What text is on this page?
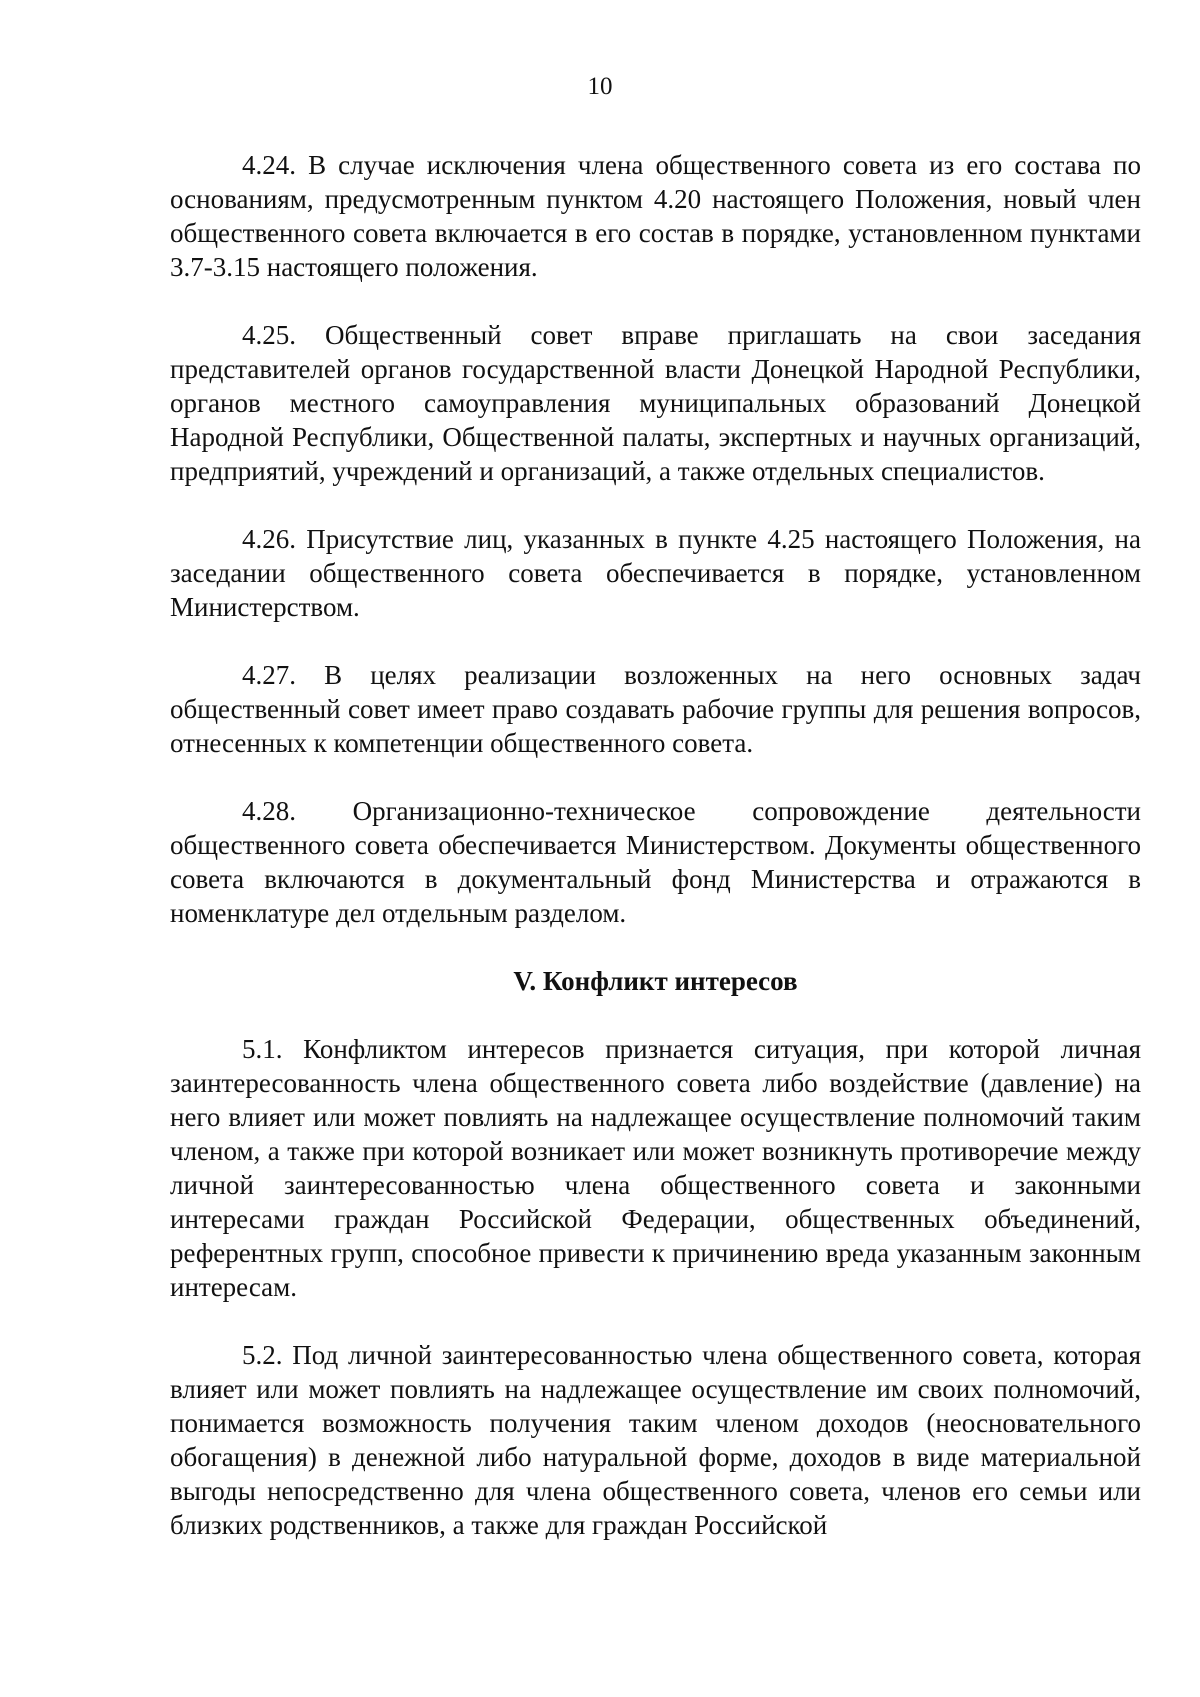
10

4.24. В случае исключения члена общественного совета из его состава по основаниям, предусмотренным пунктом 4.20 настоящего Положения, новый член общественного совета включается в его состав в порядке, установленном пунктами 3.7-3.15 настоящего положения.

4.25. Общественный совет вправе приглашать на свои заседания представителей органов государственной власти Донецкой Народной Республики, органов местного самоуправления муниципальных образований Донецкой Народной Республики, Общественной палаты, экспертных и научных организаций, предприятий, учреждений и организаций, а также отдельных специалистов.

4.26. Присутствие лиц, указанных в пункте 4.25 настоящего Положения, на заседании общественного совета обеспечивается в порядке, установленном Министерством.

4.27. В целях реализации возложенных на него основных задач общественный совет имеет право создавать рабочие группы для решения вопросов, отнесенных к компетенции общественного совета.

4.28. Организационно-техническое сопровождение деятельности общественного совета обеспечивается Министерством. Документы общественного совета включаются в документальный фонд Министерства и отражаются в номенклатуре дел отдельным разделом.

V. Конфликт интересов

5.1. Конфликтом интересов признается ситуация, при которой личная заинтересованность члена общественного совета либо воздействие (давление) на него влияет или может повлиять на надлежащее осуществление полномочий таким членом, а также при которой возникает или может возникнуть противоречие между личной заинтересованностью члена общественного совета и законными интересами граждан Российской Федерации, общественных объединений, референтных групп, способное привести к причинению вреда указанным законным интересам.

5.2. Под личной заинтересованностью члена общественного совета, которая влияет или может повлиять на надлежащее осуществление им своих полномочий, понимается возможность получения таким членом доходов (неосновательного обогащения) в денежной либо натуральной форме, доходов в виде материальной выгоды непосредственно для члена общественного совета, членов его семьи или близких родственников, а также для граждан Российской
